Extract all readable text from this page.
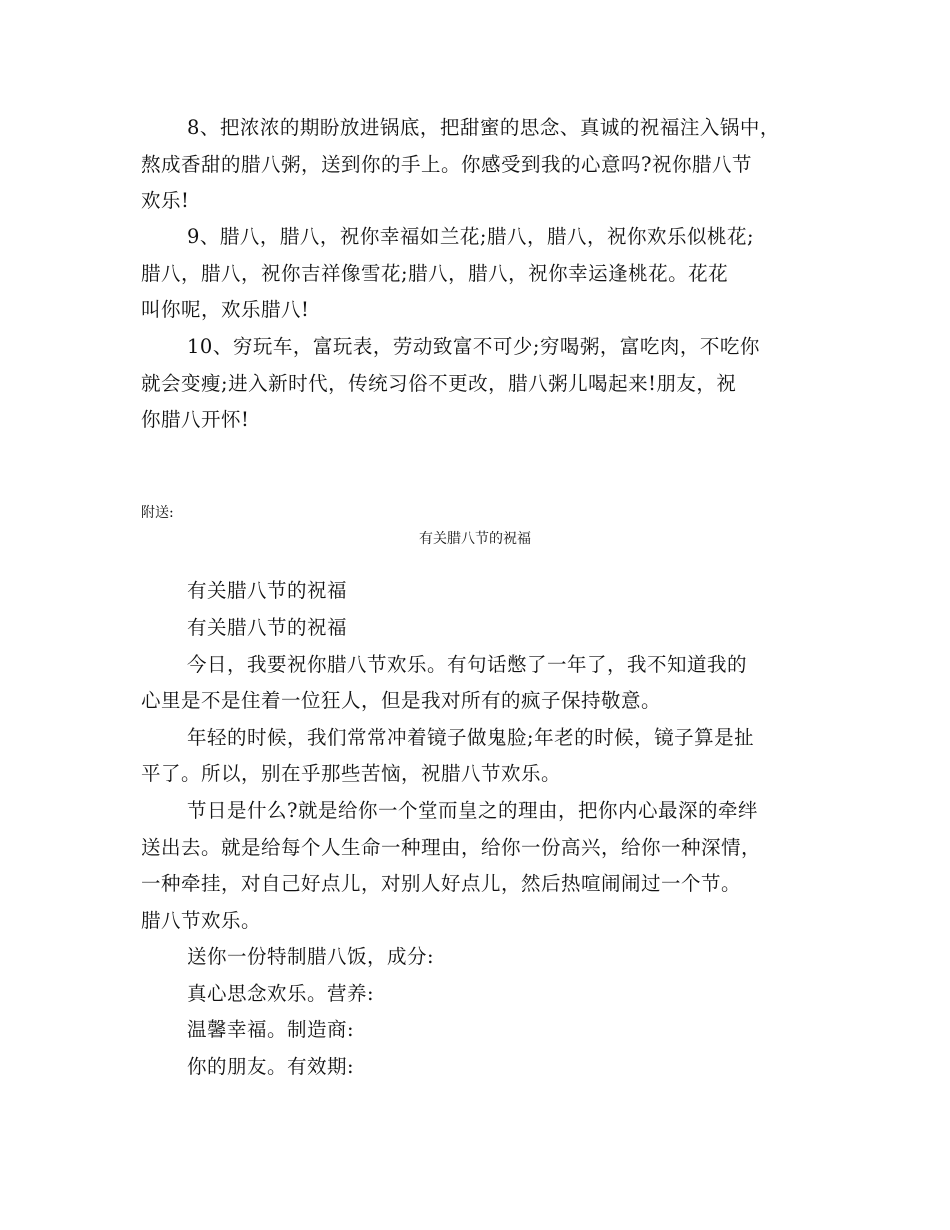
8、把浓浓的期盼放进锅底，把甜蜜的思念、真诚的祝福注入锅中，

熬成香甜的腊八粥，送到你的手上。你感受到我的心意吗?祝你腊八节

欢乐!

9、腊八，腊八，祝你幸福如兰花;腊八，腊八，祝你欢乐似桃花;

腊八，腊八，祝你吉祥像雪花;腊八，腊八，祝你幸运逢桃花。花花

叫你呢，欢乐腊八!

10、穷玩车，富玩表，劳动致富不可少;穷喝粥，富吃肉，不吃你

就会变瘦;进入新时代，传统习俗不更改，腊八粥儿喝起来!朋友，祝

你腊八开怀!

附送:

有关腊八节的祝福

有关腊八节的祝福

有关腊八节的祝福

今日，我要祝你腊八节欢乐。有句话憋了一年了，我不知道我的

心里是不是住着一位狂人，但是我对所有的疯子保持敬意。

年轻的时候，我们常常冲着镜子做鬼脸;年老的时候，镜子算是扯

平了。所以，别在乎那些苦恼，祝腊八节欢乐。

节日是什么?就是给你一个堂而皇之的理由，把你内心最深的牵绊

送出去。就是给每个人生命一种理由，给你一份高兴，给你一种深情，

一种牵挂，对自己好点儿，对别人好点儿，然后热喧闹闹过一个节。

腊八节欢乐。

送你一份特制腊八饭，成分:

真心思念欢乐。营养:

温馨幸福。制造商:

你的朋友。有效期:
